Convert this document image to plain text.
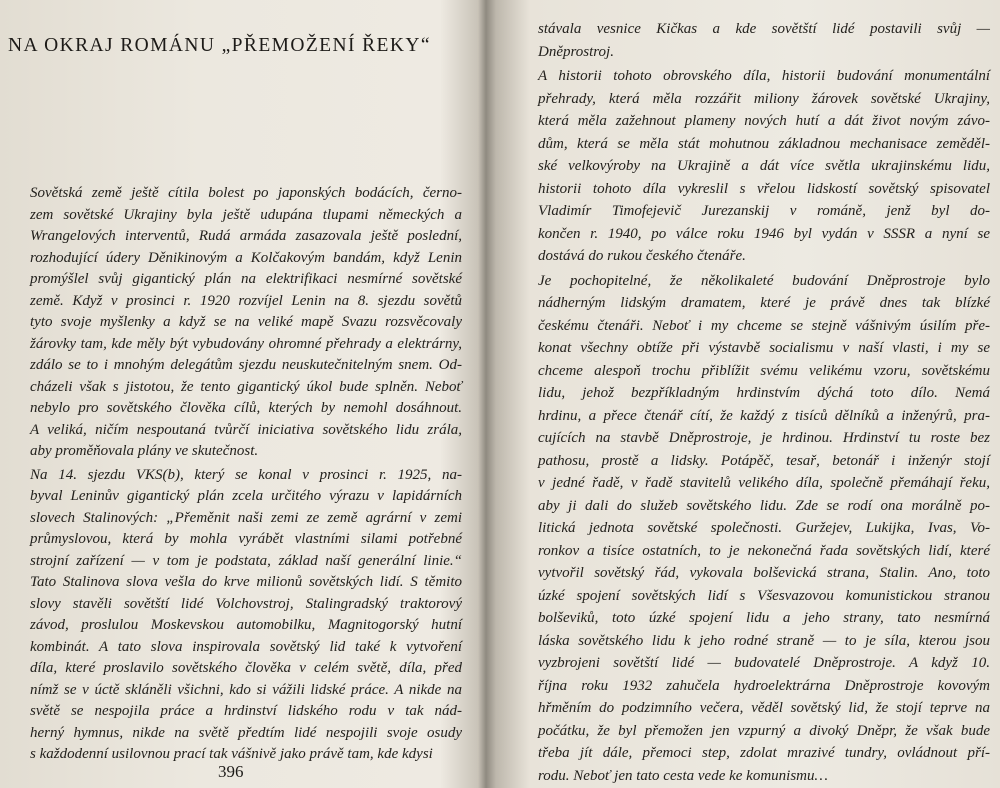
NA OKRAJ ROMÁNU „PŘEMOŽENÍ ŘEKY“

Sovětská země ještě cítila bolest po japonských bodácích, černo-
zem sovětské Ukrajiny byla ještě udupána tlupami německých a
Wrangelových interventů, Rudá armáda zasazovala ještě poslední,
rozhodující údery Děnikinovým a Kolčakovým bandám, když Lenin
promýšlel svůj gigantický plán na elektrifikaci nesmírné sovětské
země. Když v prosinci r. 1920 rozvíjel Lenin na 8. sjezdu sovětů
tyto svoje myšlenky a když se na veliké mapě Svazu rozsvěcovaly
žárovky tam, kde měly být vybudovány ohromné přehrady a elektrárny,
zdálo se to i mnohým delegátům sjezdu neuskutečnitelným snem. Od-
cházeli však s jistotou, že tento gigantický úkol bude splněn. Neboť
nebylo pro sovětského člověka cílů, kterých by nemohl dosáhnout.
A veliká, ničím nespoutaná tvůrčí iniciativa sovětského lidu zrála,
aby proměňovala plány ve skutečnost.

Na 14. sjezdu VKS(b), který se konal v prosinci r. 1925, na-
byval Leninův gigantický plán zcela určitého výrazu v lapidárních
slovech Stalinových: „Přeměnit naši zemi ze země agrární v zemi
průmyslovou, která by mohla vyrábět vlastními silami potřebné
strojní zařízení — v tom je podstata, základ naší generální linie.“
Tato Stalinova slova vešla do krve milionů sovětských lidí. S těmito
slovy stavěli sovětští lidé Volchovstroj, Stalingradský traktorový
závod, proslulou Moskevskou automobilku, Magnitogorský hutní
kombinát. A tato slova inspirovala sovětský lid také k vytvoření
díla, které proslavilo sovětského člověka v celém světě, díla, před
nímž se v úctě skláněli všichni, kdo si vážili lidské práce. A nikde na
světě se nespojila práce a hrdinství lidského rodu v tak nád-
herný hymnus, nikde na světě předtím lidé nespojili svoje osudy
s každodenní usilovnou prací tak vášnivě jako právě tam, kde kdysi

396

stávala vesnice Kičkas a kde sovětští lidé postavili svůj —
Dněprostroj.

A historii tohoto obrovského díla, historii budování monumentální
přehrady, která měla rozzářit miliony žárovek sovětské Ukrajiny,
která měla zažehnout plameny nových hutí a dát život novým závo-
dům, která se měla stát mohutnou základnou mechanisace zeměděl-
ské velkovýroby na Ukrajině a dát více světla ukrajinskému lidu,
historii tohoto díla vykreslil s vřelou lidskostí sovětský spisovatel
Vladimír Timofejevič Jurezanskij v románě, jenž byl do-
končen r. 1940, po válce roku 1946 byl vydán v SSSR a nyní se
dostává do rukou českého čtenáře.

Je pochopitelné, že několikaleté budování Dněprostroje bylo
nádherným lidským dramatem, které je právě dnes tak blízké
českému čtenáři. Neboť i my chceme se stejně vášnivým úsilím pře-
konat všechny obtíže při výstavbě socialismu v naší vlasti, i my se
chceme alespoň trochu přiblížit svému velikému vzoru, sovětskému
lidu, jehož bezpříkladným hrdinstvím dýchá toto dílo. Nemá
hrdinu, a přece čtenář cítí, že každý z tisíců dělníků a inženýrů, pra-
cujících na stavbě Dněprostroje, je hrdinou. Hrdinství tu roste bez
pathosu, prostě a lidsky. Potápěč, tesař, betonář i inženýr stojí
v jedné řadě, v řadě stavitelů velikého díla, společně přemáhají řeku,
aby ji dali do služeb sovětského lidu. Zde se rodí ona morálně po-
litická jednota sovětské společnosti. Guržejev, Lukijka, Ivas, Vo-
ronkov a tisíce ostatních, to je nekonečná řada sovětských lidí, které
vytvořil sovětský řád, vykovala bolševická strana, Stalin. Ano, toto
úzké spojení sovětských lidí s Všesvazovou komunistickou stranou
bolševiků, toto úzké spojení lidu a jeho strany, tato nesmírná
láska sovětského lidu k jeho rodné straně — to je síla, kterou jsou
vyzbrojeni sovětští lidé — budovatelé Dněprostroje. A když 10.
října roku 1932 zahučela hydroelektrárna Dněprostroje kovovým
hřměním do podzimního večera, věděl sovětský lid, že stojí teprve na
počátku, že byl přemožen jen vzpurný a divoký Dněpr, že však bude
třeba jít dále, přemoci step, zdolat mrazivé tundry, ovládnout pří-
rodu. Neboť jen tato cesta vede ke komunismu…
